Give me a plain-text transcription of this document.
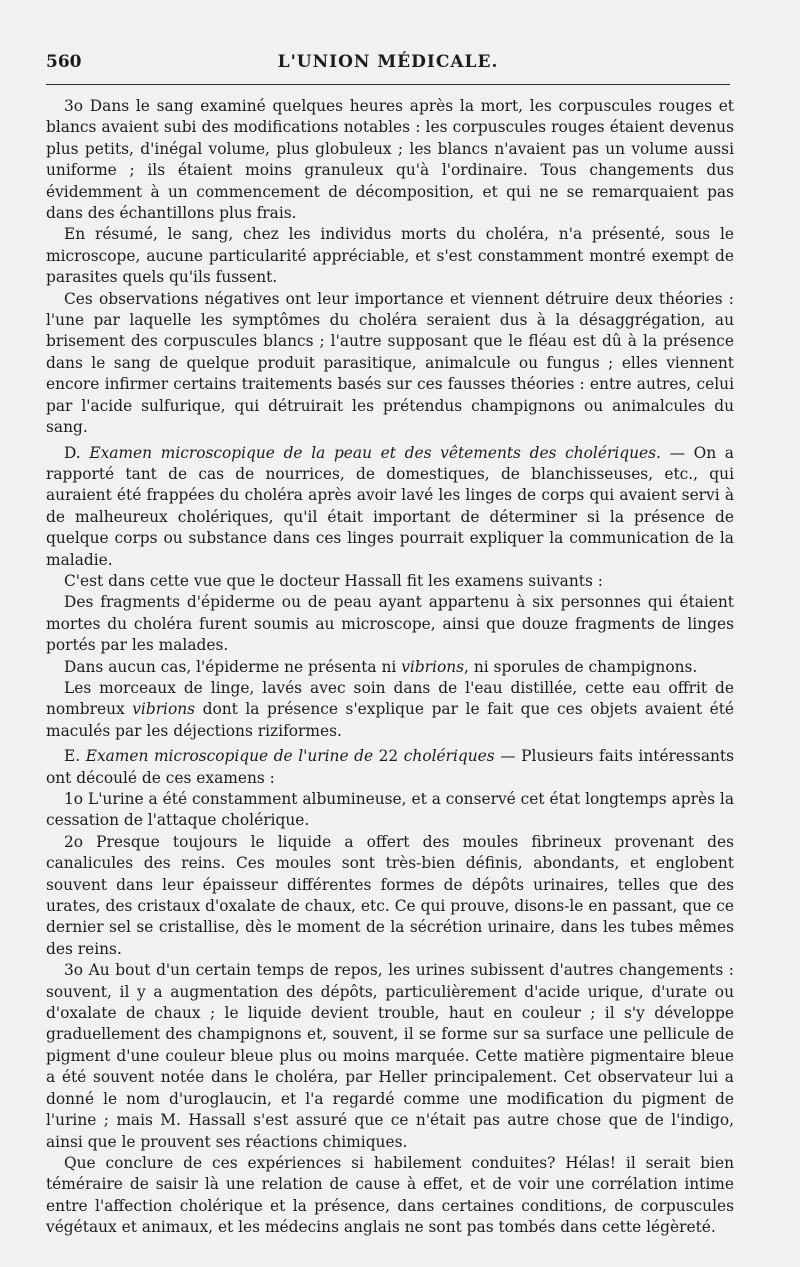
560	L'UNION MÉDICALE.

3o Dans le sang examiné quelques heures après la mort, les corpuscules rouges et blancs avaient subi des modifications notables : les corpuscules rouges étaient devenus plus petits, d'inégal volume, plus globuleux ; les blancs n'avaient pas un volume aussi uniforme ; ils étaient moins granuleux qu'à l'ordinaire. Tous changements dus évidemment à un commencement de décomposition, et qui ne se remarquaient pas dans des échantillons plus frais.

En résumé, le sang, chez les individus morts du choléra, n'a présenté, sous le microscope, aucune particularité appréciable, et s'est constamment montré exempt de parasites quels qu'ils fussent.

Ces observations négatives ont leur importance et viennent détruire deux théories : l'une par laquelle les symptômes du choléra seraient dus à la désaggrégation, au brisement des corpuscules blancs ; l'autre supposant que le fléau est dû à la présence dans le sang de quelque produit parasitique, animalcule ou fungus ; elles viennent encore infirmer certains traitements basés sur ces fausses théories : entre autres, celui par l'acide sulfurique, qui détruirait les prétendus champignons ou animalcules du sang.

D. Examen microscopique de la peau et des vêtements des cholériques. — On a rapporté tant de cas de nourrices, de domestiques, de blanchisseuses, etc., qui auraient été frappées du choléra après avoir lavé les linges de corps qui avaient servi à de malheureux cholériques, qu'il était important de déterminer si la présence de quelque corps ou substance dans ces linges pourrait expliquer la communication de la maladie.

C'est dans cette vue que le docteur Hassall fit les examens suivants :

Des fragments d'épiderme ou de peau ayant appartenu à six personnes qui étaient mortes du choléra furent soumis au microscope, ainsi que douze fragments de linges portés par les malades.

Dans aucun cas, l'épiderme ne présenta ni vibrions, ni sporules de champignons.

Les morceaux de linge, lavés avec soin dans de l'eau distillée, cette eau offrit de nombreux vibrions dont la présence s'explique par le fait que ces objets avaient été maculés par les déjections riziformes.

E. Examen microscopique de l'urine de 22 cholériques — Plusieurs faits intéressants ont découlé de ces examens :

1o L'urine a été constamment albumineuse, et a conservé cet état longtemps après la cessation de l'attaque cholérique.

2o Presque toujours le liquide a offert des moules fibrineux provenant des canalicules des reins. Ces moules sont très-bien définis, abondants, et englobent souvent dans leur épaisseur différentes formes de dépôts urinaires, telles que des urates, des cristaux d'oxalate de chaux, etc. Ce qui prouve, disons-le en passant, que ce dernier sel se cristallise, dès le moment de la sécrétion urinaire, dans les tubes mêmes des reins.

3o Au bout d'un certain temps de repos, les urines subissent d'autres changements : souvent, il y a augmentation des dépôts, particulièrement d'acide urique, d'urate ou d'oxalate de chaux ; le liquide devient trouble, haut en couleur ; il s'y développe graduellement des champignons et, souvent, il se forme sur sa surface une pellicule de pigment d'une couleur bleue plus ou moins marquée. Cette matière pigmentaire bleue a été souvent notée dans le choléra, par Heller principalement. Cet observateur lui a donné le nom d'uroglaucin, et l'a regardé comme une modification du pigment de l'urine ; mais M. Hassall s'est assuré que ce n'était pas autre chose que de l'indigo, ainsi que le prouvent ses réactions chimiques.

Que conclure de ces expériences si habilement conduites? Hélas! il serait bien téméraire de saisir là une relation de cause à effet, et de voir une corrélation intime entre l'affection cholérique et la présence, dans certaines conditions, de corpuscules végétaux et animaux, et les médecins anglais ne sont pas tombés dans cette légèreté.
